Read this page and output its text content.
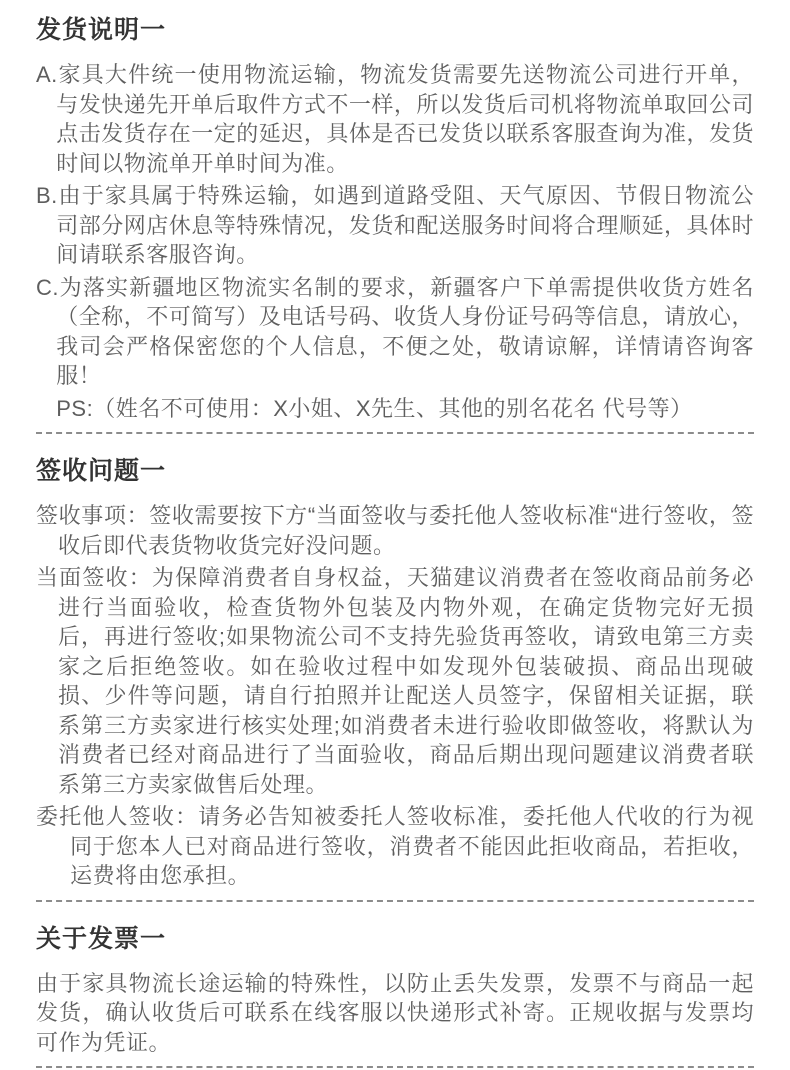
发货说明一

A.家具大件统一使用物流运输，物流发货需要先送物流公司进行开单，与发快递先开单后取件方式不一样，所以发货后司机将物流单取回公司点击发货存在一定的延迟，具体是否已发货以联系客服查询为准，发货时间以物流单开单时间为准。

B.由于家具属于特殊运输，如遇到道路受阻、天气原因、节假日物流公司部分网店休息等特殊情况，发货和配送服务时间将合理顺延，具体时间请联系客服咨询。

C.为落实新疆地区物流实名制的要求，新疆客户下单需提供收货方姓名（全称，不可简写）及电话号码、收货人身份证号码等信息，请放心，我司会严格保密您的个人信息，不便之处，敬请谅解，详情请咨询客服！

PS:（姓名不可使用：X小姐、X先生、其他的别名花名 代号等）

签收问题一

签收事项：签收需要按下方“当面签收与委托他人签收标准“进行签收，签收后即代表货物收货完好没问题。

当面签收：为保障消费者自身权益，天猫建议消费者在签收商品前务必进行当面验收，检查货物外包装及内物外观，在确定货物完好无损后，再进行签收;如果物流公司不支持先验货再签收，请致电第三方卖家之后拒绝签收。如在验收过程中如发现外包装破损、商品出现破损、少件等问题，请自行拍照并让配送人员签字，保留相关证据，联系第三方卖家进行核实处理;如消费者未进行验收即做签收，将默认为消费者已经对商品进行了当面验收，商品后期出现问题建议消费者联系第三方卖家做售后处理。

委托他人签收：请务必告知被委托人签收标准，委托他人代收的行为视同于您本人已对商品进行签收，消费者不能因此拒收商品，若拒收，运费将由您承担。

关于发票一

由于家具物流长途运输的特殊性，以防止丢失发票，发票不与商品一起发货，确认收货后可联系在线客服以快递形式补寄。正规收据与发票均可作为凭证。
